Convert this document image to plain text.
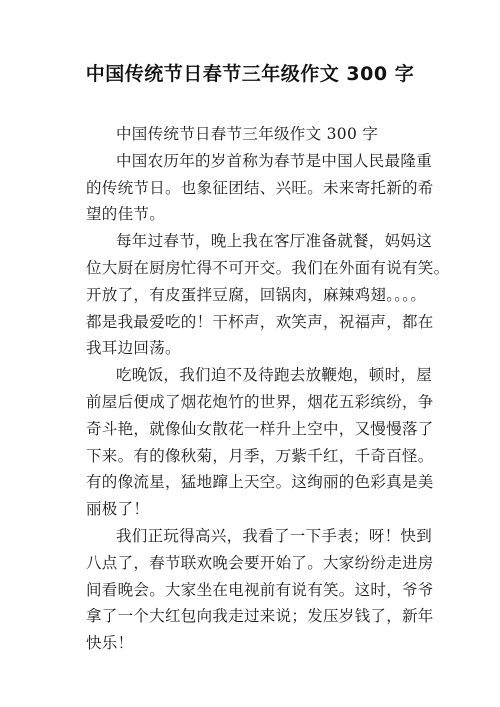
中国传统节日春节三年级作文 300 字
中国传统节日春节三年级作文 300 字
中国农历年的岁首称为春节是中国人民最隆重
的传统节日。也象征团结、兴旺。未来寄托新的希
望的佳节。
每年过春节，晚上我在客厅准备就餐，妈妈这
位大厨在厨房忙得不可开交。我们在外面有说有笑。
开放了，有皮蛋拌豆腐，回锅肉，麻辣鸡翅。。。。
都是我最爱吃的！干杯声，欢笑声，祝福声，都在
我耳边回荡。
吃晚饭，我们迫不及待跑去放鞭炮，顿时，屋
前屋后便成了烟花炮竹的世界，烟花五彩缤纷，争
奇斗艳，就像仙女散花一样升上空中，又慢慢落了
下来。有的像秋菊，月季，万紫千红，千奇百怪。
有的像流星，猛地蹿上天空。这绚丽的色彩真是美
丽极了！
我们正玩得高兴，我看了一下手表；呀！快到
八点了，春节联欢晚会要开始了。大家纷纷走进房
间看晚会。大家坐在电视前有说有笑。这时，爷爷
拿了一个大红包向我走过来说；发压岁钱了，新年
快乐！
